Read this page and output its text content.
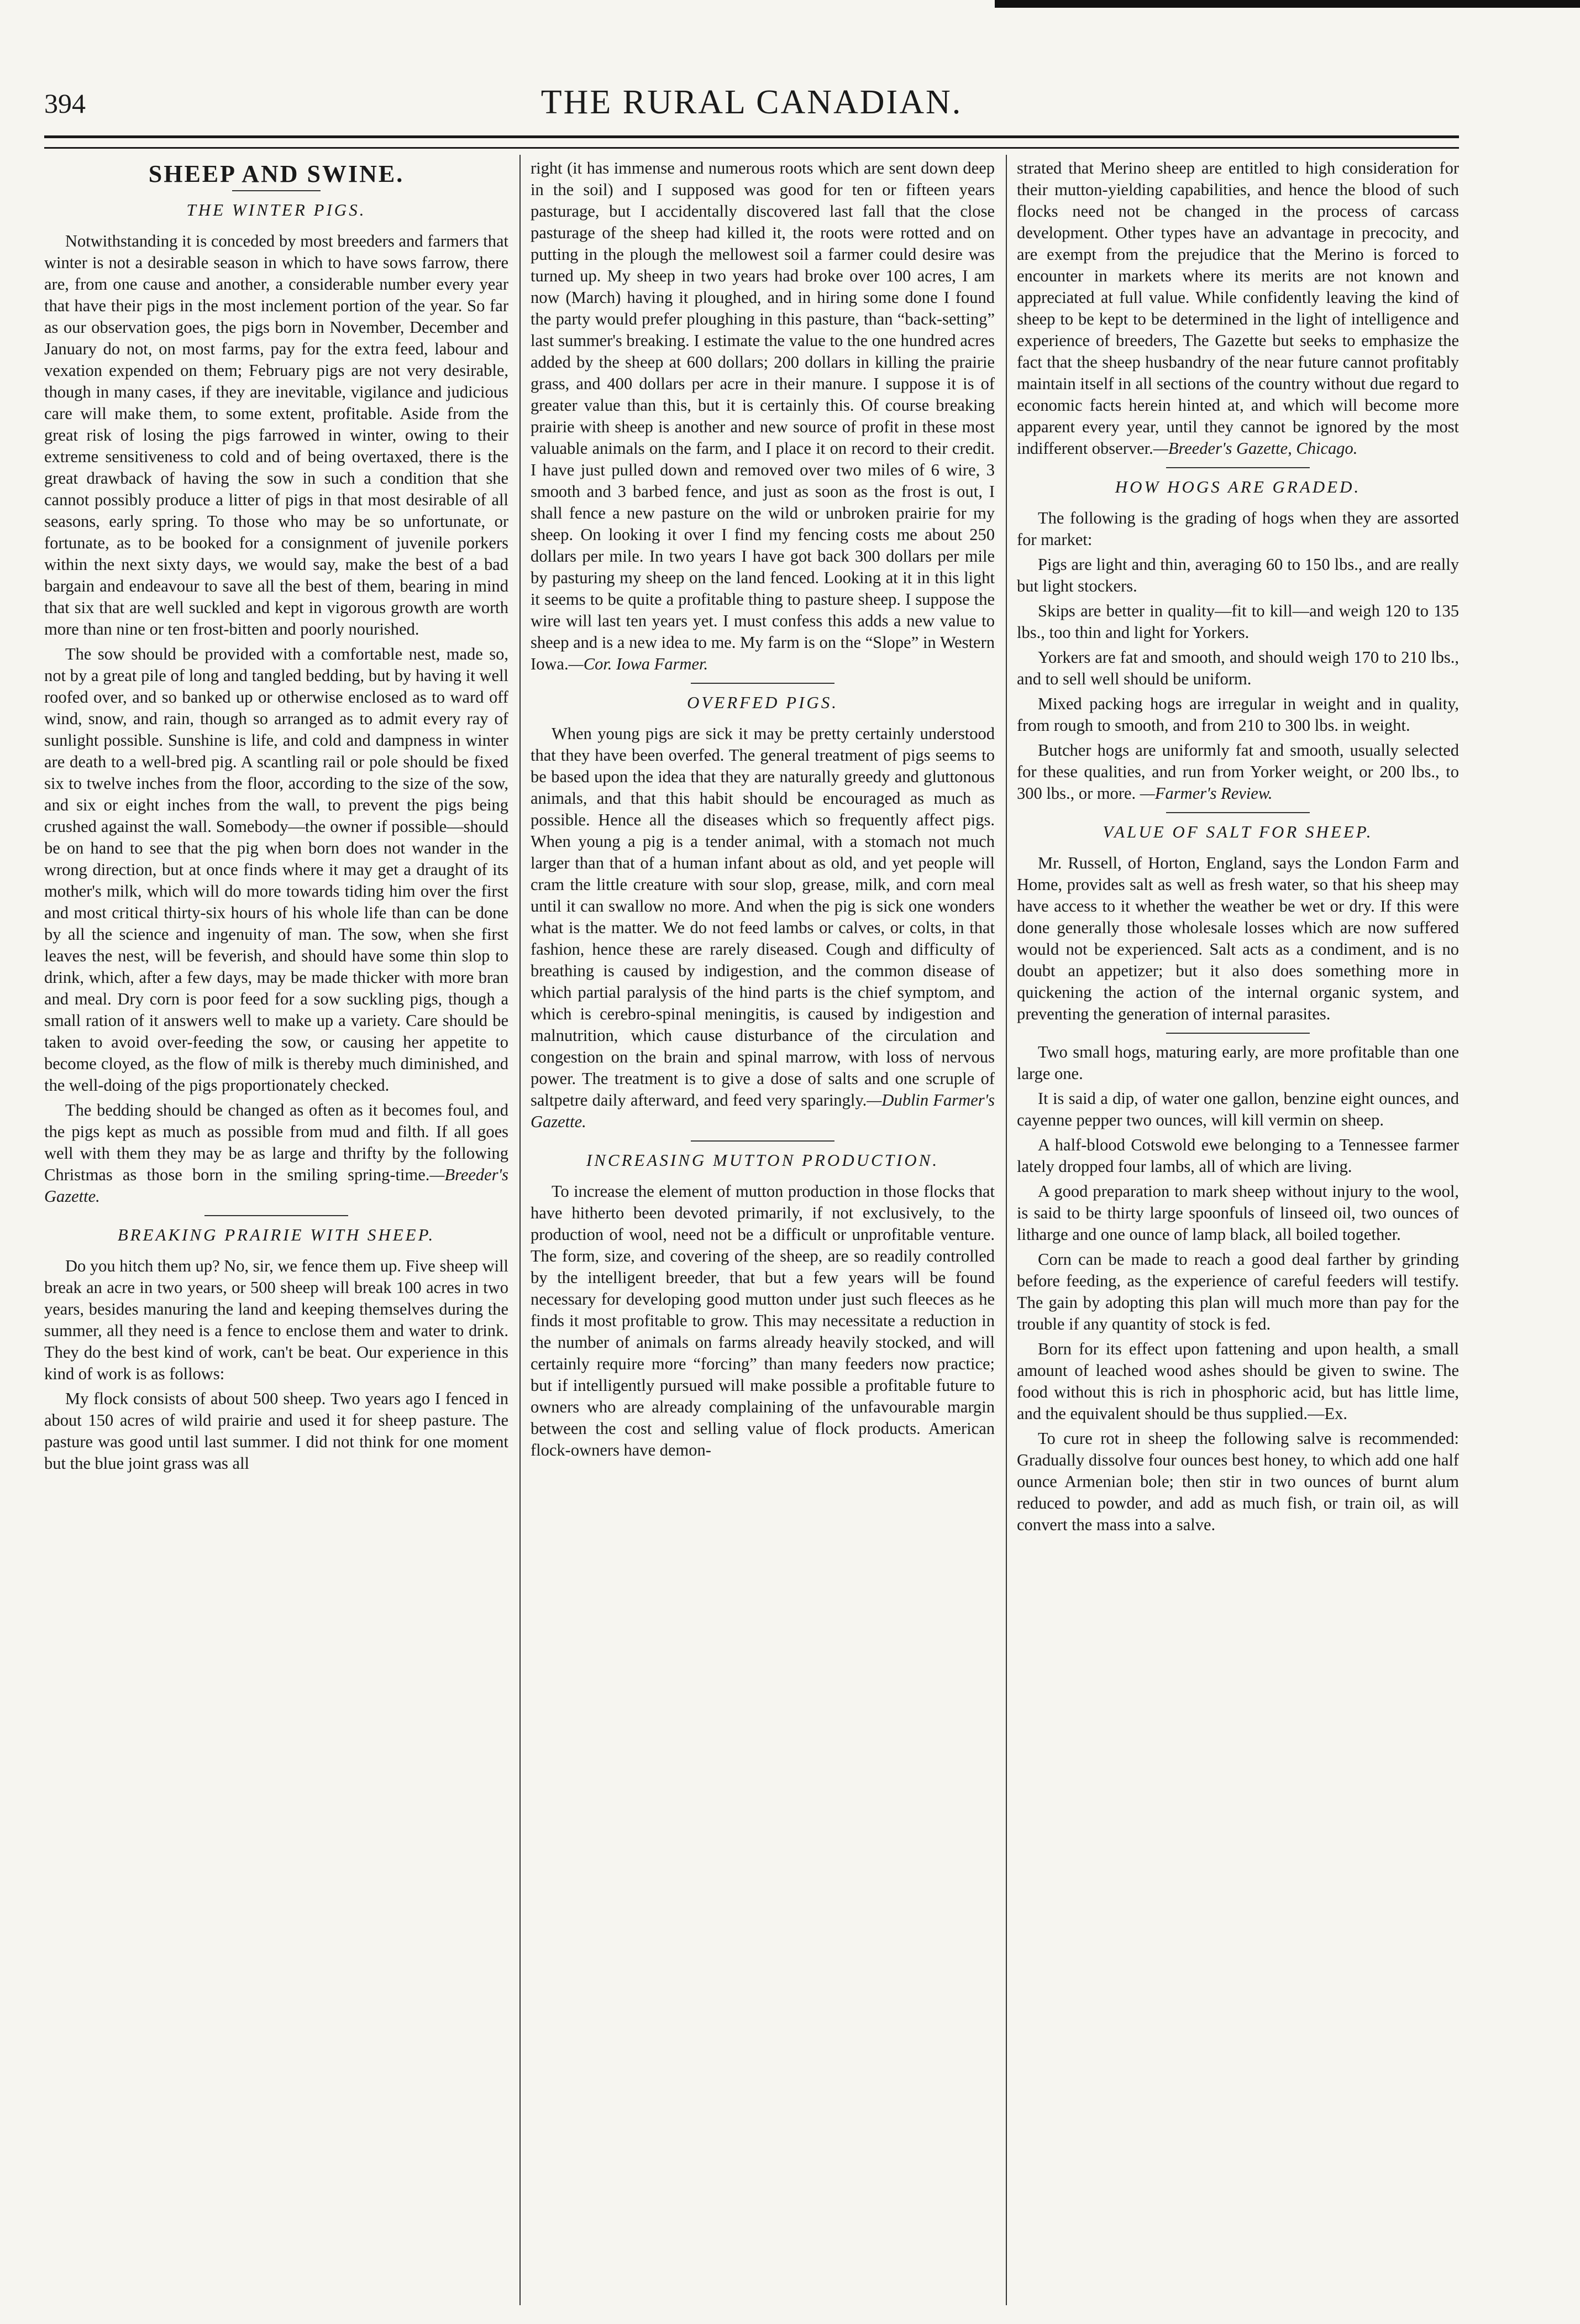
394	THE RURAL CANADIAN.
SHEEP AND SWINE.
THE WINTER PIGS.

Notwithstanding it is conceded by most breeders and farmers that winter is not a desirable season in which to have sows farrow, there are, from one cause and another, a considerable number every year that have their pigs in the most inclement portion of the year. So far as our observation goes, the pigs born in November, December and January do not, on most farms, pay for the extra feed, labour and vexation expended on them; February pigs are not very desirable, though in many cases, if they are inevitable, vigilance and judicious care will make them, to some extent, profitable. Aside from the great risk of losing the pigs farrowed in winter, owing to their extreme sensitiveness to cold and of being overtaxed, there is the great drawback of having the sow in such a condition that she cannot possibly produce a litter of pigs in that most desirable of all seasons, early spring. To those who may be so unfortunate, or fortunate, as to be booked for a consignment of juvenile porkers within the next sixty days, we would say, make the best of a bad bargain and endeavour to save all the best of them, bearing in mind that six that are well suckled and kept in vigorous growth are worth more than nine or ten frost-bitten and poorly nourished.

The sow should be provided with a comfortable nest, made so, not by a great pile of long and tangled bedding, but by having it well roofed over, and so banked up or otherwise enclosed as to ward off wind, snow, and rain, though so arranged as to admit every ray of sunlight possible. Sunshine is life, and cold and dampness in winter are death to a well-bred pig. A scantling rail or pole should be fixed six to twelve inches from the floor, according to the size of the sow, and six or eight inches from the wall, to prevent the pigs being crushed against the wall. Somebody—the owner if possible—should be on hand to see that the pig when born does not wander in the wrong direction, but at once finds where it may get a draught of its mother's milk, which will do more towards tiding him over the first and most critical thirty-six hours of his whole life than can be done by all the science and ingenuity of man. The sow, when she first leaves the nest, will be feverish, and should have some thin slop to drink, which, after a few days, may be made thicker with more bran and meal. Dry corn is poor feed for a sow suckling pigs, though a small ration of it answers well to make up a variety. Care should be taken to avoid over-feeding the sow, or causing her appetite to become cloyed, as the flow of milk is thereby much diminished, and the well-doing of the pigs proportionately checked.

The bedding should be changed as often as it becomes foul, and the pigs kept as much as possible from mud and filth. If all goes well with them they may be as large and thrifty by the following Christmas as those born in the smiling spring-time.—Breeder's Gazette.

BREAKING PRAIRIE WITH SHEEP.

Do you hitch them up? No, sir, we fence them up. Five sheep will break an acre in two years, or 500 sheep will break 100 acres in two years, besides manuring the land and keeping themselves during the summer, all they need is a fence to enclose them and water to drink. They do the best kind of work, can't be beat. Our experience in this kind of work is as follows:

My flock consists of about 500 sheep. Two years ago I fenced in about 150 acres of wild prairie and used it for sheep pasture. The pasture was good until last summer. I did not think for one moment but the blue joint grass was all

right (it has immense and numerous roots which are sent down deep in the soil) and I supposed was good for ten or fifteen years pasturage, but I accidentally discovered last fall that the close pasturage of the sheep had killed it, the roots were rotted and on putting in the plough the mellowest soil a farmer could desire was turned up. My sheep in two years had broke over 100 acres, I am now (March) having it ploughed, and in hiring some done I found the party would prefer ploughing in this pasture, than “back-setting” last summer's breaking. I estimate the value to the one hundred acres added by the sheep at 600 dollars; 200 dollars in killing the prairie grass, and 400 dollars per acre in their manure. I suppose it is of greater value than this, but it is certainly this. Of course breaking prairie with sheep is another and new source of profit in these most valuable animals on the farm, and I place it on record to their credit. I have just pulled down and removed over two miles of 6 wire, 3 smooth and 3 barbed fence, and just as soon as the frost is out, I shall fence a new pasture on the wild or unbroken prairie for my sheep. On looking it over I find my fencing costs me about 250 dollars per mile. In two years I have got back 300 dollars per mile by pasturing my sheep on the land fenced. Looking at it in this light it seems to be quite a profitable thing to pasture sheep. I suppose the wire will last ten years yet. I must confess this adds a new value to sheep and is a new idea to me. My farm is on the “Slope” in Western Iowa.—Cor. Iowa Farmer.

OVERFED PIGS.

When young pigs are sick it may be pretty certainly understood that they have been overfed. The general treatment of pigs seems to be based upon the idea that they are naturally greedy and gluttonous animals, and that this habit should be encouraged as much as possible. Hence all the diseases which so frequently affect pigs. When young a pig is a tender animal, with a stomach not much larger than that of a human infant about as old, and yet people will cram the little creature with sour slop, grease, milk, and corn meal until it can swallow no more. And when the pig is sick one wonders what is the matter. We do not feed lambs or calves, or colts, in that fashion, hence these are rarely diseased. Cough and difficulty of breathing is caused by indigestion, and the common disease of which partial paralysis of the hind parts is the chief symptom, and which is cerebro-spinal meningitis, is caused by indigestion and malnutrition, which cause disturbance of the circulation and congestion on the brain and spinal marrow, with loss of nervous power. The treatment is to give a dose of salts and one scruple of saltpetre daily afterward, and feed very sparingly.—Dublin Farmer's Gazette.

INCREASING MUTTON PRODUCTION.

To increase the element of mutton production in those flocks that have hitherto been devoted primarily, if not exclusively, to the production of wool, need not be a difficult or unprofitable venture. The form, size, and covering of the sheep, are so readily controlled by the intelligent breeder, that but a few years will be found necessary for developing good mutton under just such fleeces as he finds it most profitable to grow. This may necessitate a reduction in the number of animals on farms already heavily stocked, and will certainly require more “forcing” than many feeders now practice; but if intelligently pursued will make possible a profitable future to owners who are already complaining of the unfavourable margin between the cost and selling value of flock products. American flock-owners have demon-

strated that Merino sheep are entitled to high consideration for their mutton-yielding capabilities, and hence the blood of such flocks need not be changed in the process of carcass development. Other types have an advantage in precocity, and are exempt from the prejudice that the Merino is forced to encounter in markets where its merits are not known and appreciated at full value. While confidently leaving the kind of sheep to be kept to be determined in the light of intelligence and experience of breeders, The Gazette but seeks to emphasize the fact that the sheep husbandry of the near future cannot profitably maintain itself in all sections of the country without due regard to economic facts herein hinted at, and which will become more apparent every year, until they cannot be ignored by the most indifferent observer.—Breeder's Gazette, Chicago.

HOW HOGS ARE GRADED.

The following is the grading of hogs when they are assorted for market:

Pigs are light and thin, averaging 60 to 150 lbs., and are really but light stockers.

Skips are better in quality—fit to kill—and weigh 120 to 135 lbs., too thin and light for Yorkers.

Yorkers are fat and smooth, and should weigh 170 to 210 lbs., and to sell well should be uniform.

Mixed packing hogs are irregular in weight and in quality, from rough to smooth, and from 210 to 300 lbs. in weight.

Butcher hogs are uniformly fat and smooth, usually selected for these qualities, and run from Yorker weight, or 200 lbs., to 300 lbs., or more. —Farmer's Review.

VALUE OF SALT FOR SHEEP.

Mr. Russell, of Horton, England, says the London Farm and Home, provides salt as well as fresh water, so that his sheep may have access to it whether the weather be wet or dry. If this were done generally those wholesale losses which are now suffered would not be experienced. Salt acts as a condiment, and is no doubt an appetizer; but it also does something more in quickening the action of the internal organic system, and preventing the generation of internal parasites.

Two small hogs, maturing early, are more profitable than one large one.

It is said a dip, of water one gallon, benzine eight ounces, and cayenne pepper two ounces, will kill vermin on sheep.

A half-blood Cotswold ewe belonging to a Tennessee farmer lately dropped four lambs, all of which are living.

A good preparation to mark sheep without injury to the wool, is said to be thirty large spoonfuls of linseed oil, two ounces of litharge and one ounce of lamp black, all boiled together.

Corn can be made to reach a good deal farther by grinding before feeding, as the experience of careful feeders will testify. The gain by adopting this plan will much more than pay for the trouble if any quantity of stock is fed.

Born for its effect upon fattening and upon health, a small amount of leached wood ashes should be given to swine. The food without this is rich in phosphoric acid, but has little lime, and the equivalent should be thus supplied.—Ex.

To cure rot in sheep the following salve is recommended: Gradually dissolve four ounces best honey, to which add one half ounce Armenian bole; then stir in two ounces of burnt alum reduced to powder, and add as much fish, or train oil, as will convert the mass into a salve.
